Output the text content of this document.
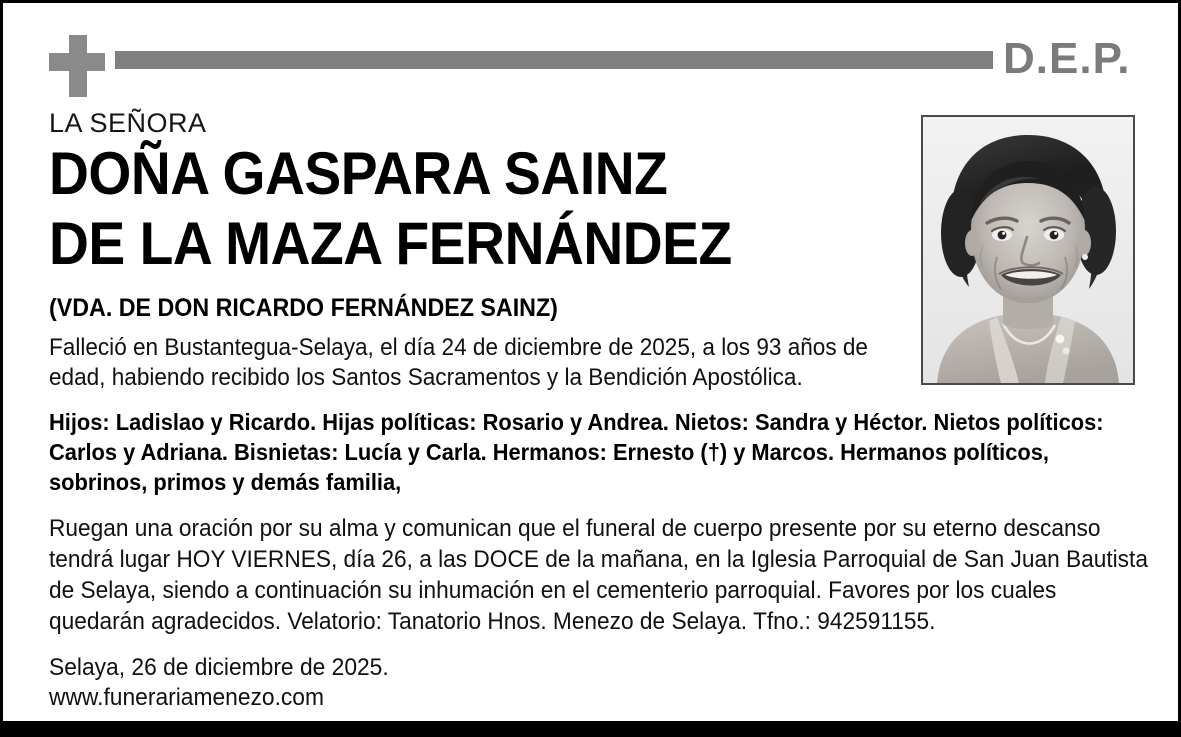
D.E.P.

LA SEÑORA

DOÑA GASPARA SAINZ
DE LA MAZA FERNÁNDEZ

(VDA. DE DON RICARDO FERNÁNDEZ SAINZ)

Falleció en Bustantegua-Selaya, el día 24 de diciembre de 2025, a los 93 años de edad, habiendo recibido los Santos Sacramentos y la Bendición Apostólica.

Hijos: Ladislao y Ricardo. Hijas políticas: Rosario y Andrea. Nietos: Sandra y Héctor. Nietos políticos: Carlos y Adriana. Bisnietas: Lucía y Carla. Hermanos: Ernesto (†) y Marcos. Hermanos políticos, sobrinos, primos y demás familia,

Ruegan una oración por su alma y comunican que el funeral de cuerpo presente por su eterno descanso tendrá lugar HOY VIERNES, día 26, a las DOCE de la mañana, en la Iglesia Parroquial de San Juan Bautista de Selaya, siendo a continuación su inhumación en el cementerio parroquial. Favores por los cuales quedarán agradecidos. Velatorio: Tanatorio Hnos. Menezo de Selaya. Tfno.: 942591155.

Selaya, 26 de diciembre de 2025.
www.funerariamenezo.com
